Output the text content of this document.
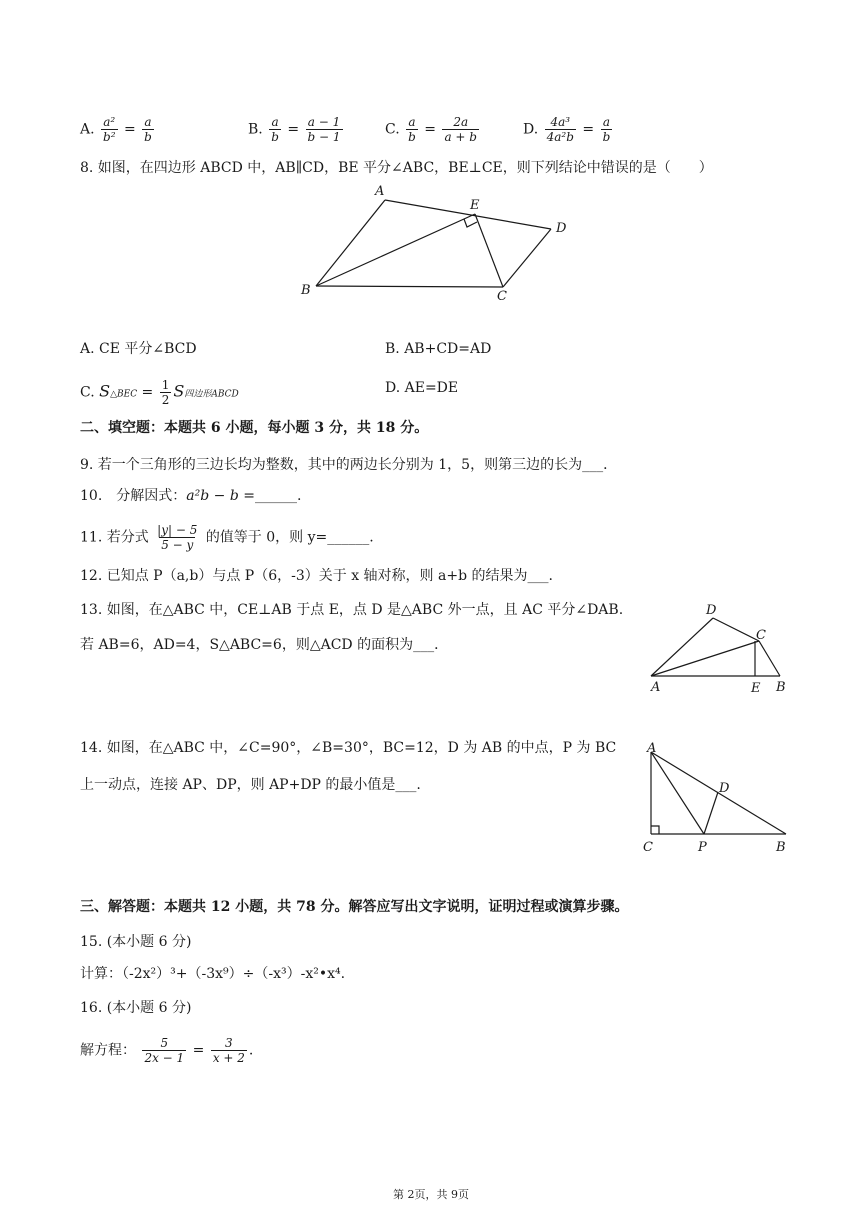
A. $\frac{\text{a²}}{\text{b²}} = \frac{a}{b}$	B. $\frac{a}{b} = \frac{a - 1}{b - 1}$	C. $\frac{a}{b} = \frac{2a}{a + b}$	D. $\frac{\text{4a³}}{\text{4a²b}} = \frac{a}{b}$
8. 如图，在四边形 ABCD 中，AB∥CD，BE 平分∠ABC，BE⊥CE，则下列结论中错误的是（　　）
A
E
D
B	C
A. CE 平分∠BCD	B. AB+CD=AD
C. S△BEC = $\frac{1}{2}$ S四边形ABCD	D. AE=DE
二、填空题：本题共 6 小题，每小题 3 分，共 18 分。
9. 若一个三角形的三边长均为整数，其中的两边长分别为 1，5，则第三边的长为___．
10.　分解因式：a²b − b =______.
11. 若分式 $\frac{|y| - 5}{5 - y}$ 的值等于 0，则 y=______.
12. 已知点 P（a,b）与点 P（6，-3）关于 x 轴对称，则 a+b 的结果为___.
13. 如图，在△ABC 中，CE⊥AB 于点 E，点 D 是△ABC 外一点，且 AC 平分∠DAB.
若 AB=6，AD=4，S△ABC=6，则△ACD 的面积为___．
D
C
A	E B
14. 如图，在△ABC 中，∠C=90°，∠B=30°，BC=12，D 为 AB 的中点，P 为 BC
上一动点，连接 AP、DP，则 AP+DP 的最小值是___.
A
D
C	P	B
三、解答题：本题共 12 小题，共 78 分。解答应写出文字说明，证明过程或演算步骤。
15. (本小题 6 分)
计算：（-2x²）³+（-3x⁹）÷（-x³）-x²•x⁴.
16. (本小题 6 分)
解方程： $\frac{5}{2x - 1} = \frac{3}{x + 2}$ .
第 2页，共 9页
